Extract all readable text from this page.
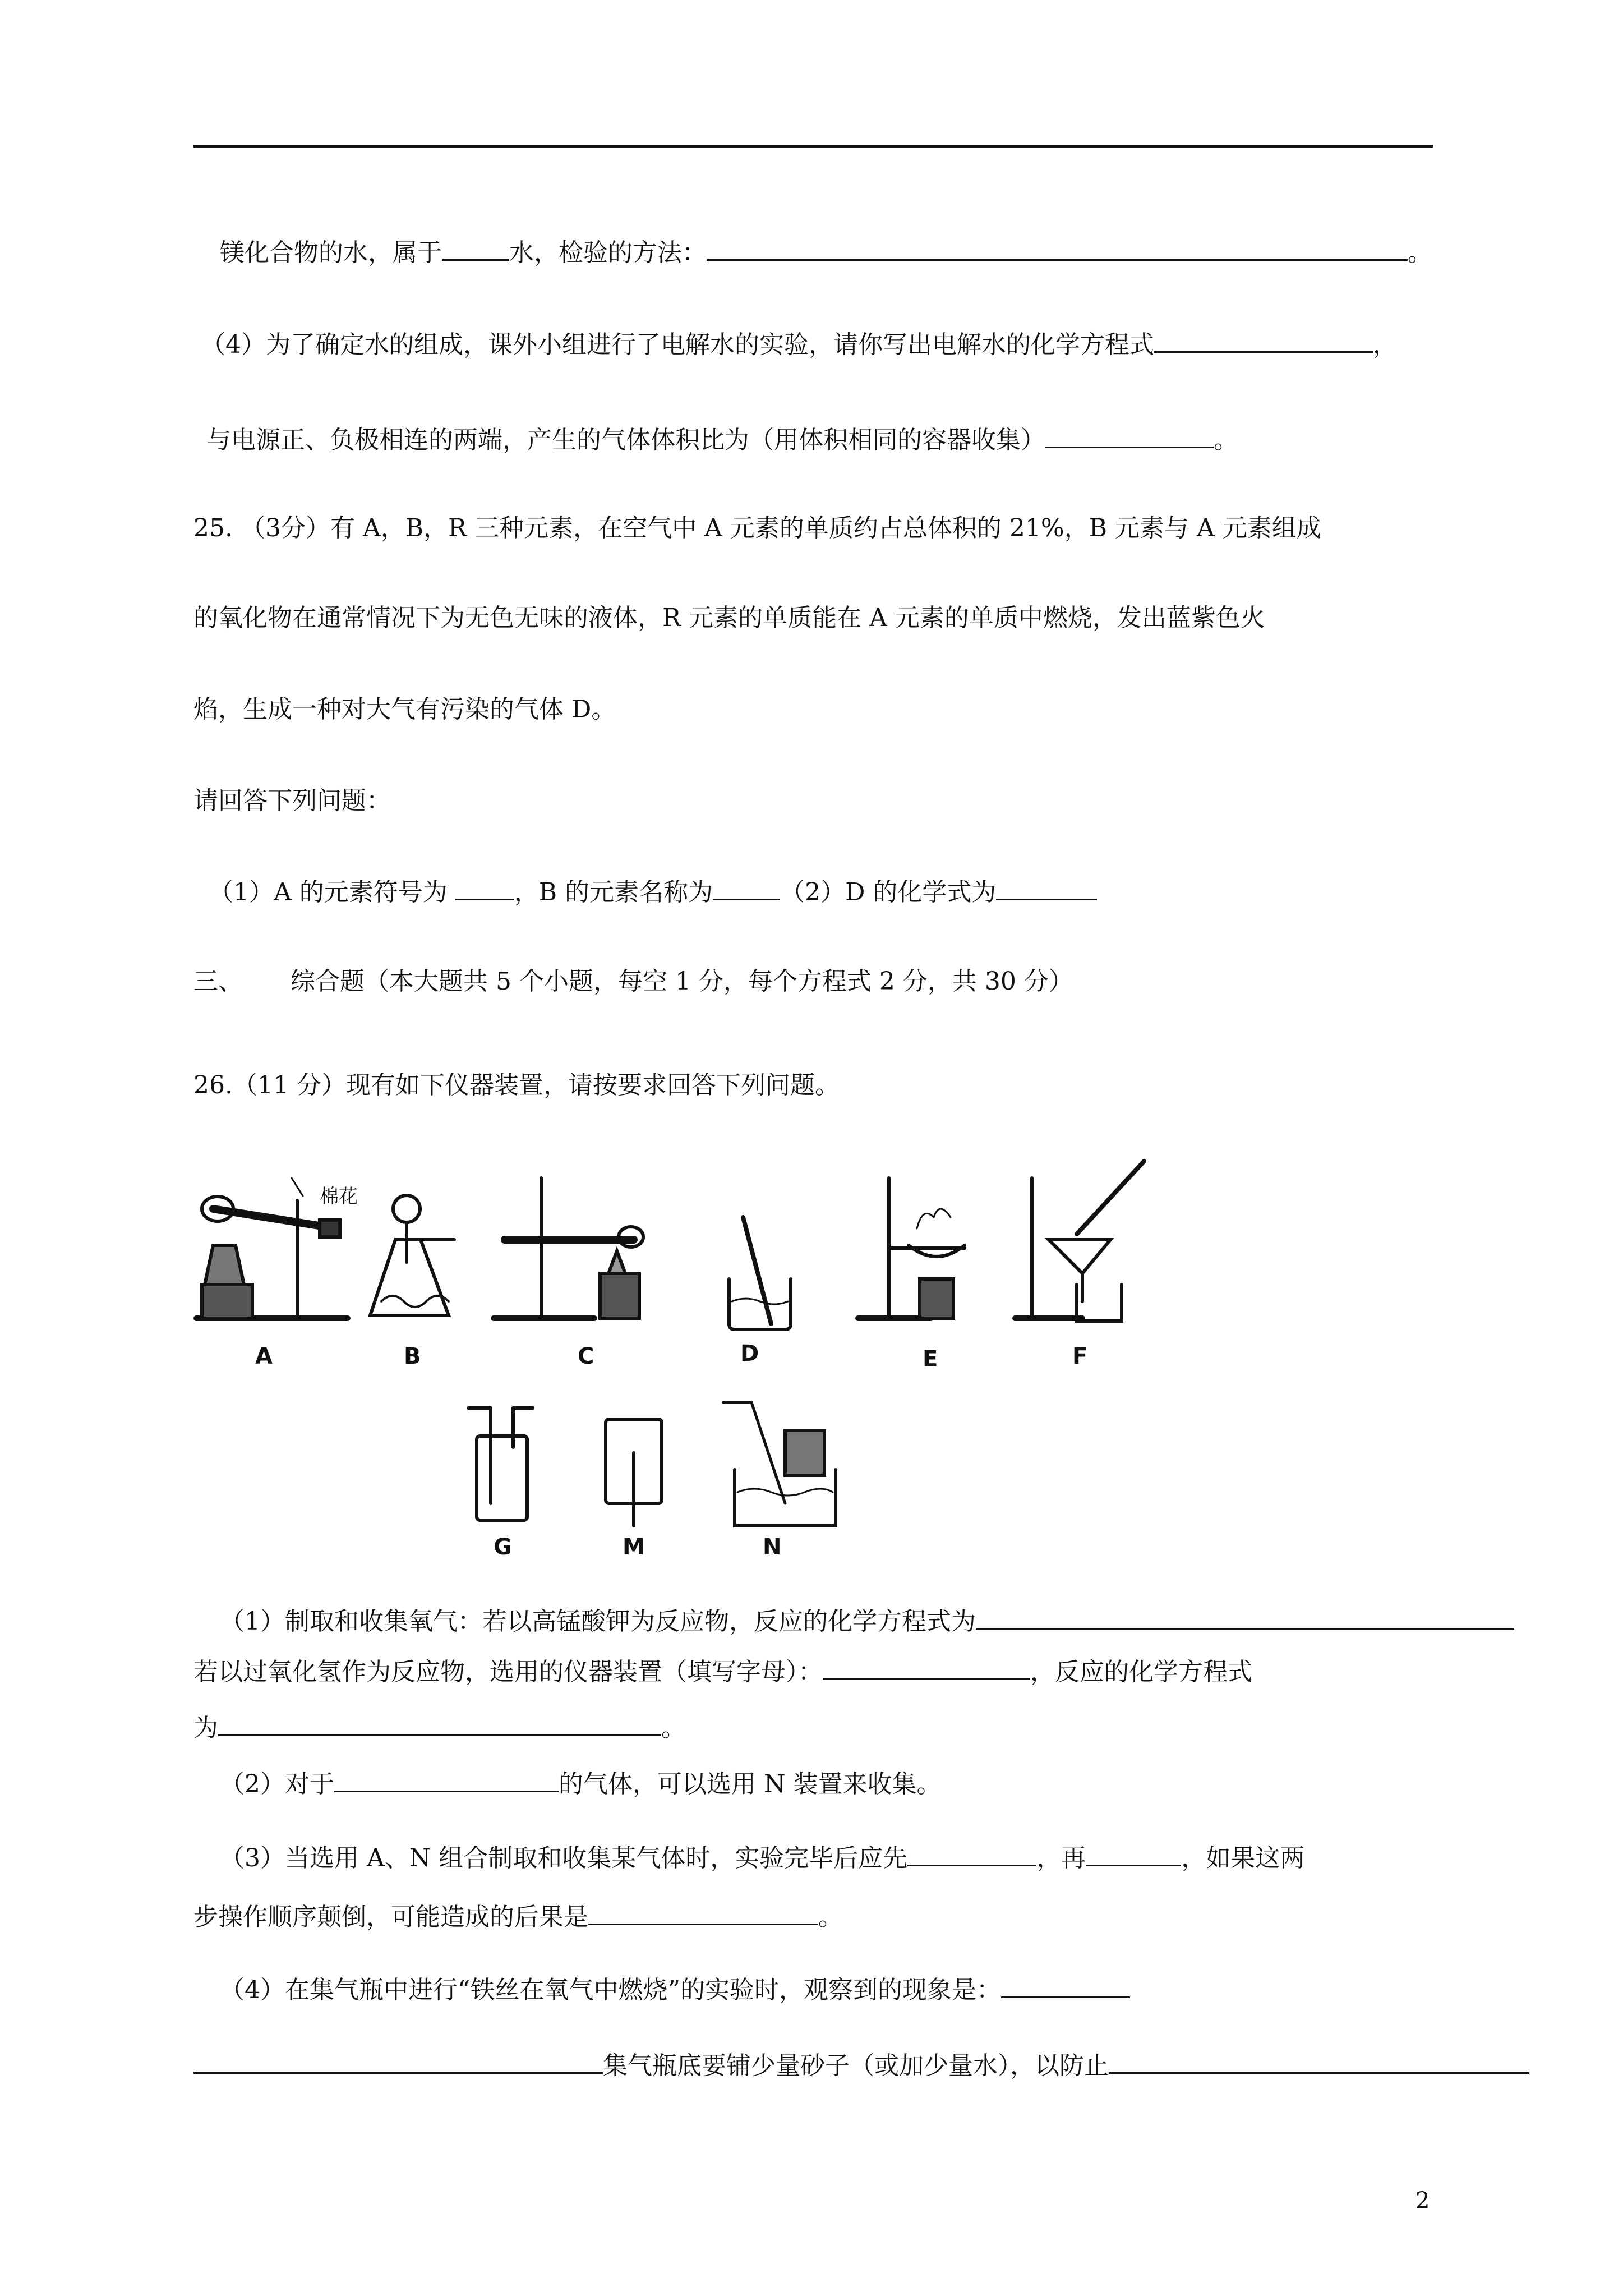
镁化合物的水，属于	水，检验的方法：	。
（4）为了确定水的组成，课外小组进行了电解水的实验，请你写出电解水的化学方程式	，
与电源正、负极相连的两端，产生的气体体积比为（用体积相同的容器收集）	。
25. （3分）有 A，B，R 三种元素，在空气中 A 元素的单质约占总体积的 21%，B 元素与 A 元素组成
的氧化物在通常情况下为无色无味的液体，R 元素的单质能在 A 元素的单质中燃烧，发出蓝紫色火
焰，生成一种对大气有污染的气体 D。
请回答下列问题：
（1）A 的元素符号为 ，B 的元素名称为	（2）D 的化学式为
三、 综合题（本大题共 5 个小题，每空 1 分，每个方程式 2 分，共 30 分）
26.（11 分）现有如下仪器装置，请按要求回答下列问题。
棉花
A	B	C	D	E	F
G	M	N
（1）制取和收集氧气：若以高锰酸钾为反应物，反应的化学方程式为
若以过氧化氢作为反应物，选用的仪器装置（填写字母）：	，反应的化学方程式
为	。
（2）对于	的气体，可以选用 N 装置来收集。
（3）当选用 A、N 组合制取和收集某气体时，实验完毕后应先	，再	，如果这两
步操作顺序颠倒，可能造成的后果是	。
（4）在集气瓶中进行“铁丝在氧气中燃烧”的实验时，观察到的现象是：
集气瓶底要铺少量砂子（或加少量水），以防止
2
